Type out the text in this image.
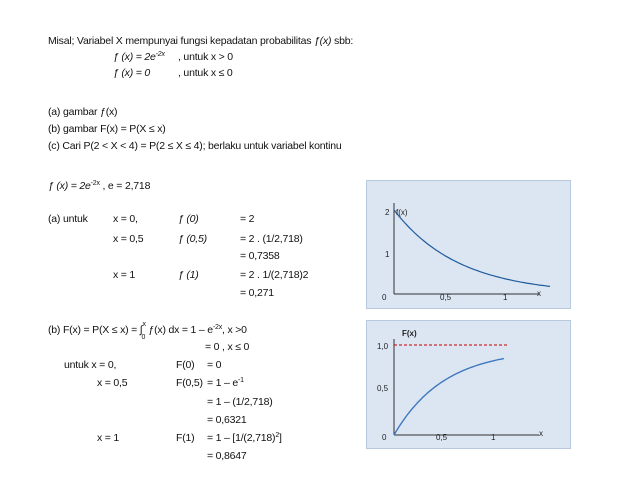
Misal; Variabel X mempunyai fungsi kepadatan probabilitas ƒ(x) sbb:
ƒ $(x) = 2e^{-2x}$ , untuk x > 0
ƒ (x) = 0	, untuk x ≤ 0
(a) gambar ƒ(x)
(b) gambar F(x) = P(X ≤ x)
(c) Cari P(2 < X < 4) = P(2 ≤ X ≤ 4); berlaku untuk variabel kontinu
ƒ $(x) = 2e^{-2x}$ , e = 2,718
(a) untuk x = 0,	ƒ (0)	= 2
x = 0,5	ƒ (0,5)	= 2 . (1/2,718)
= 0,7358
x = 1	ƒ (1)	= 2 . 1/(2,718)2
= 0,271
(b) F(x) = P(X ≤ x) = ∫ x
0
ƒ(x) dx = $1 - e^{-2x}$, x >0
= 0 , x ≤ 0
untuk x = 0,	F(0) = 0
x = 0,5	$F(0,5) = 1 - e^{-1}$
= 1 – (1/2,718)
= 0,6321
x = 1	$F(1) = 1 - [1/(2,718)^2]$
= 0,8647
f(x)
2
1
0	0,5	1	x
F(x)
1,0
0,5
0	0,5	1	x
